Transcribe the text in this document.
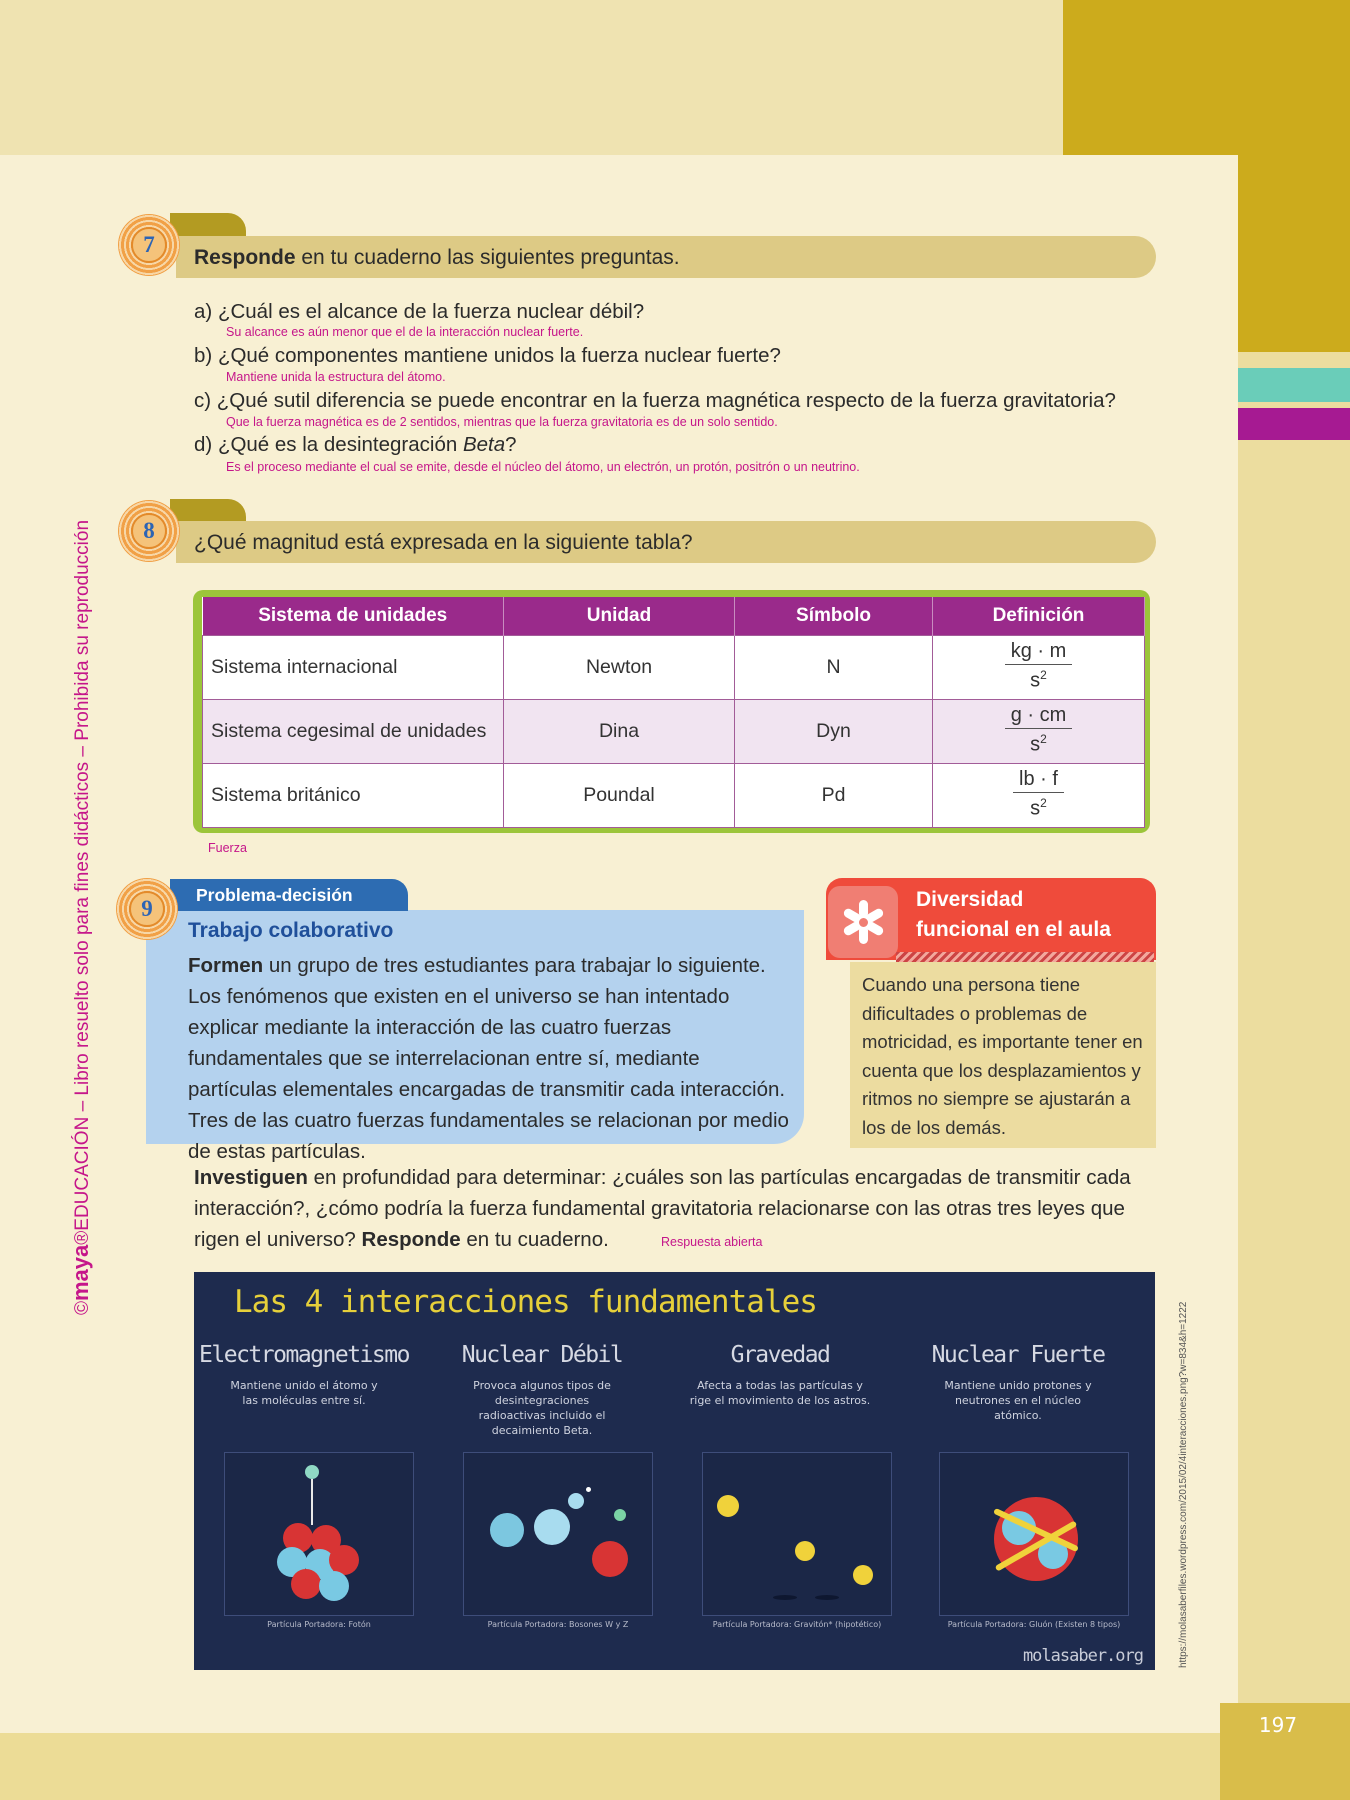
197
©maya®EDUCACIÓN – Libro resuelto solo para fines didácticos – Prohibida su reproducción
7
Responde en tu cuaderno las siguientes preguntas.
a) ¿Cuál es el alcance de la fuerza nuclear débil?
Su alcance es aún menor que el de la interacción nuclear fuerte.
b) ¿Qué componentes mantiene unidos la fuerza nuclear fuerte?
Mantiene unida la estructura del átomo.
c) ¿Qué sutil diferencia se puede encontrar en la fuerza magnética respecto de la fuerza gravitatoria?
Que la fuerza magnética es de 2 sentidos, mientras que la fuerza gravitatoria es de un solo sentido.
d) ¿Qué es la desintegración Beta?
Es el proceso mediante el cual se emite, desde el núcleo del átomo, un electrón, un protón, positrón o un neutrino.
8	¿Qué magnitud está expresada en la siguiente tabla?
Sistema de unidades	Unidad	Símbolo	Definición
Sistema internacional	Newton	N	$\frac{kg \cdot m}{s^2}$

Sistema cegesimal de unidades	Dina	Dyn	$\frac{g \cdot cm}{s^2}$

Sistema británico	Poundal	Pd	$\frac{lb \cdot f}{s^2}$
Fuerza
Problema-decisión
9
Trabajo colaborativo
Formen un grupo de tres estudiantes para trabajar lo siguiente. Los fenómenos que existen en el universo se han intentado explicar mediante la interacción de las cuatro fuerzas fundamentales que se interrelacionan entre sí, mediante partículas elementales encargadas de transmitir cada interacción. Tres de las cuatro fuerzas fundamentales se relacionan por medio de estas partículas.
Diversidad
funcional en el aula
Cuando una persona tiene dificultades o problemas de motricidad, es importante tener en cuenta que los desplazamientos y ritmos no siempre se ajustarán a los de los demás.
Investiguen en profundidad para determinar: ¿cuáles son las partículas encargadas de transmitir cada interacción?, ¿cómo podría la fuerza fundamental gravitatoria relacionarse con las otras tres leyes que rigen el universo? Responde en tu cuaderno.	Respuesta abierta
Las 4 interacciones fundamentales
Electromagnetismo
Mantiene unido el átomo y las moléculas entre sí.
Nuclear Débil
Provoca algunos tipos de desintegraciones radioactivas incluido el decaimiento Beta.
Gravedad
Afecta a todas las partículas y rige el movimiento de los astros.
Nuclear Fuerte
Mantiene unido protones y neutrones en el núcleo atómico.
Partícula Portadora: Fotón	Partícula Portadora: Bosones W y Z	Partícula Portadora: Gravitón* (hipotético)	Partícula Portadora: Gluón (Existen 8 tipos)
molasaber.org	https://molasaberfiles.wordpress.com/2015/02/4interacciones.png?w=834&h=1222
